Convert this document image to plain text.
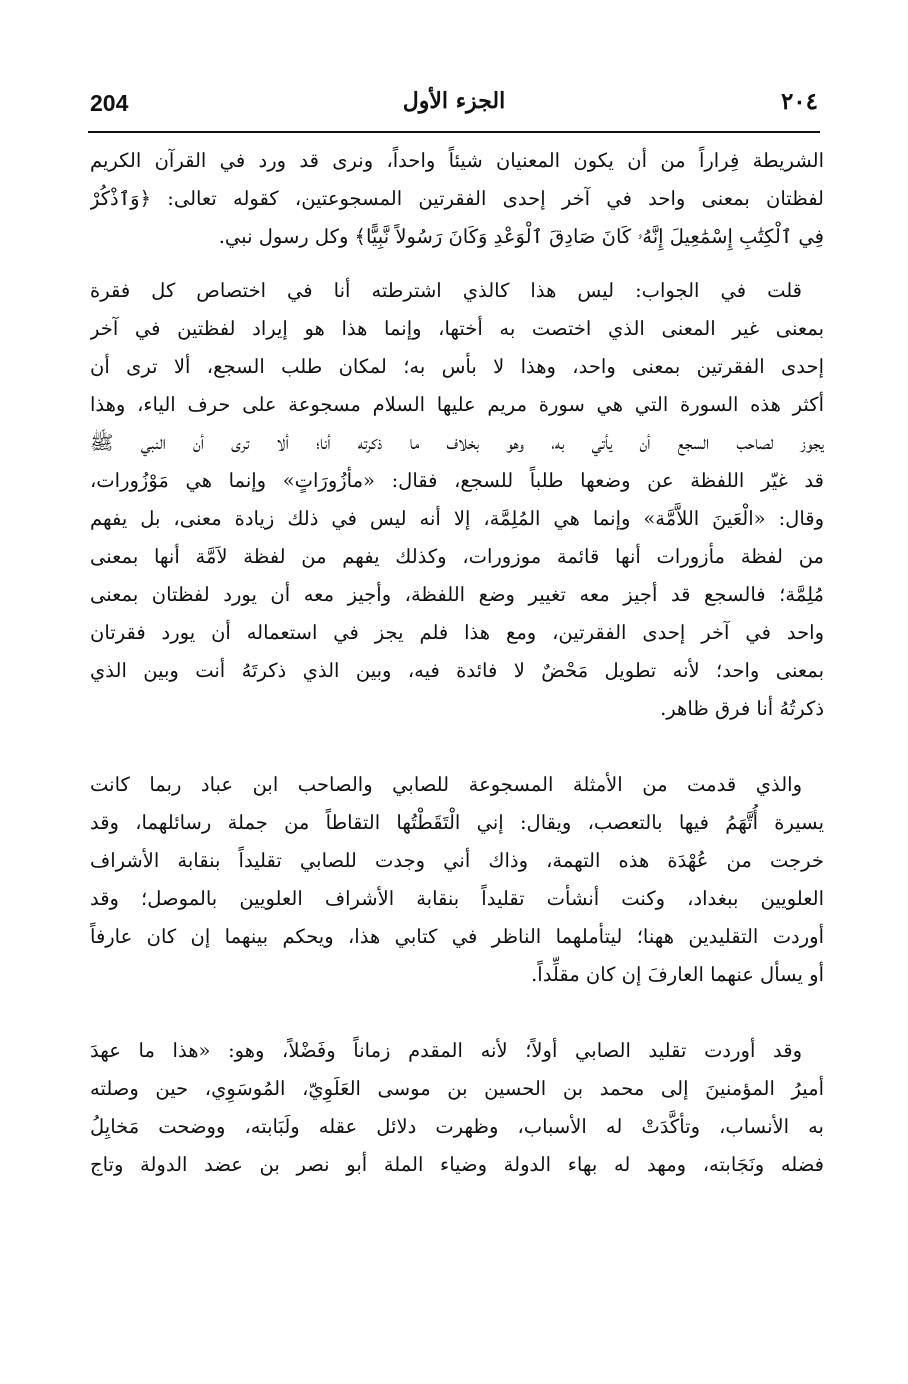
204	الجزء الأول	٢٠٤
الشريطة فِراراً من أن يكون المعنيان شيئاً واحداً، ونرى قد ورد في القرآن الكريم
لفظتان بمعنى واحد في آخر إحدى الفقرتين المسجوعتين، كقوله تعالى: ﴿وَٱذْكُرْ
فِي ٱلْكِتَٰبِ إِسْمَٰعِيلَ إِنَّهُۥ كَانَ صَادِقَ ٱلْوَعْدِ وَكَانَ رَسُولاً نَّبِيًّا﴾ وكل رسول نبي.
قلت في الجواب: ليس هذا كالذي اشترطته أنا في اختصاص كل فقرة
بمعنى غير المعنى الذي اختصت به أختها، وإنما هذا هو إيراد لفظتين في آخر
إحدى الفقرتين بمعنى واحد، وهذا لا بأس به؛ لمكان طلب السجع، ألا ترى أن
أكثر هذه السورة التي هي سورة مريم عليها السلام مسجوعة على حرف الياء، وهذا
يجوز لصاحب السجع أن يأتي به، وهو بخلاف ما ذكرته أنا؛ ألا ترى أن النبي ﷺ
قد غيّر اللفظة عن وضعها طلباً للسجع، فقال: «مأزُورَاتٍ» وإنما هي مَوْزُورات،
وقال: «الْعَينَ اللاَّمَّة» وإنما هي المُلِمَّة، إلا أنه ليس في ذلك زيادة معنى، بل يفهم
من لفظة مأزورات أنها قائمة موزورات، وكذلك يفهم من لفظة لاَمَّة أنها بمعنى
مُلِمَّة؛ فالسجع قد أجيز معه تغيير وضع اللفظة، وأجيز معه أن يورد لفظتان بمعنى
واحد في آخر إحدى الفقرتين، ومع هذا فلم يجز في استعماله أن يورد فقرتان
بمعنى واحد؛ لأنه تطويل مَحْضٌ لا فائدة فيه، وبين الذي ذكرتَهُ أنت وبين الذي
ذكرتُهُ أنا فرق ظاهر.
والذي قدمت من الأمثلة المسجوعة للصابي والصاحب ابن عباد ربما كانت
يسيرة أُتَّهَمُ فيها بالتعصب، ويقال: إني الْتَقَطْتُها التقاطاً من جملة رسائلهما، وقد
خرجت من عُهْدَة هذه التهمة، وذاك أني وجدت للصابي تقليداً بنقابة الأشراف
العلويين ببغداد، وكنت أنشأت تقليداً بنقابة الأشراف العلويين بالموصل؛ وقد
أوردت التقليدين ههنا؛ ليتأملهما الناظر في كتابي هذا، ويحكم بينهما إن كان عارفاً
أو يسأل عنهما العارفَ إن كان مقلِّداً.
وقد أوردت تقليد الصابي أولاً؛ لأنه المقدم زماناً وفَضْلاً، وهو: «هذا ما عهدَ
أميرُ المؤمنينَ إلى محمد بن الحسين بن موسى العَلَوِيّ، المُوسَوِي، حين وصلته
به الأنساب، وتأكَّدَتْ له الأسباب، وظهرت دلائل عقله ولَبَابته، ووضحت مَخايِلُ
فضله ونَجَابته، ومهد له بهاء الدولة وضياء الملة أبو نصر بن عضد الدولة وتاج
